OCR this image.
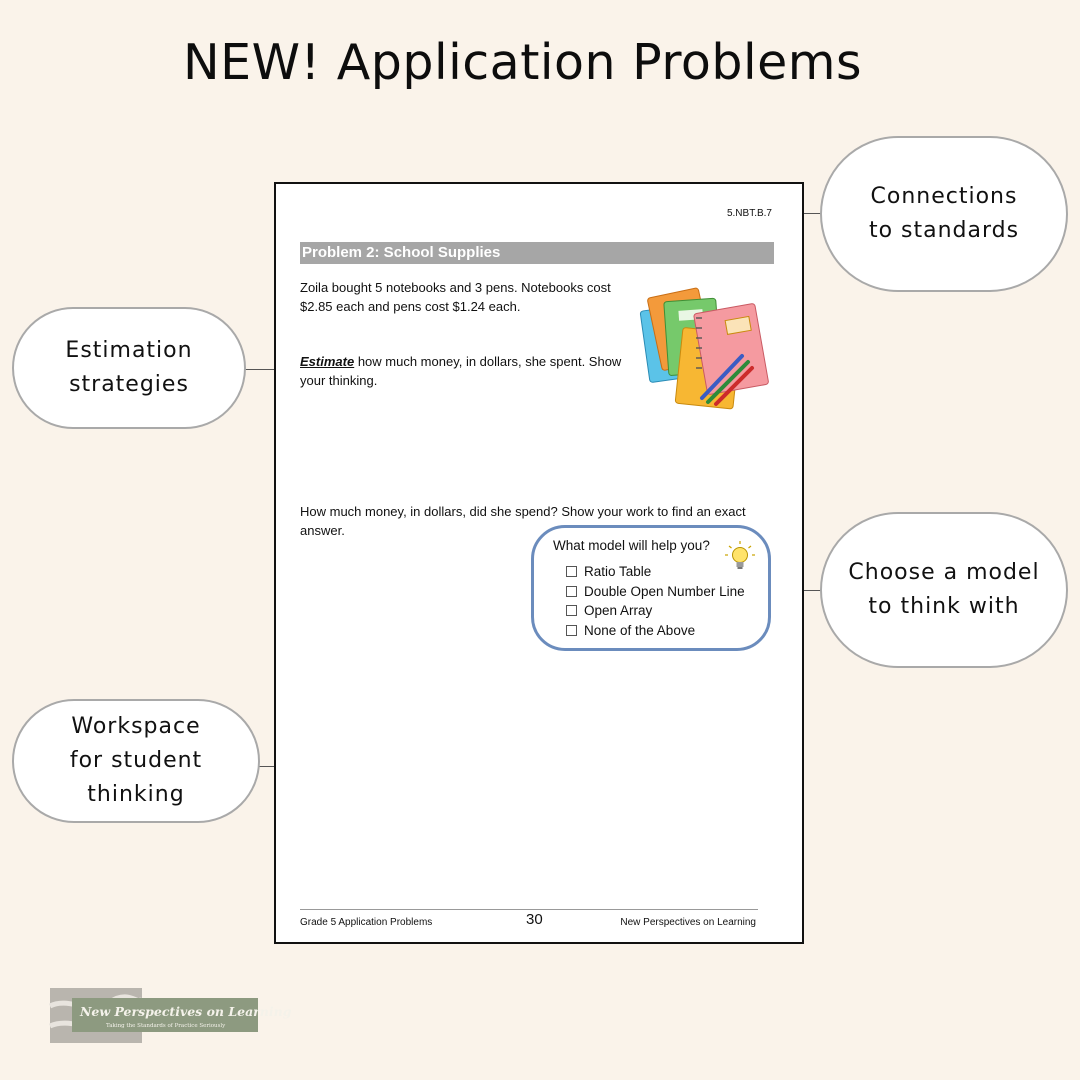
NEW! Application Problems
Connections
to standards
Estimation
strategies
Choose a model
to think with
Workspace
for student
thinking
5.NBT.B.7
Problem 2: School Supplies
Zoila bought 5 notebooks and 3 pens. Notebooks cost $2.85 each and pens cost $1.24 each.
Estimate how much money, in dollars, she spent. Show your thinking.
How much money, in dollars, did she spend? Show your work to find an exact answer.
What model will help you?
Ratio Table
Double Open Number Line
Open Array
None of the Above
Grade 5 Application Problems	30	New Perspectives on Learning
New Perspectives on Learning
Taking the Standards of Practice Seriously
